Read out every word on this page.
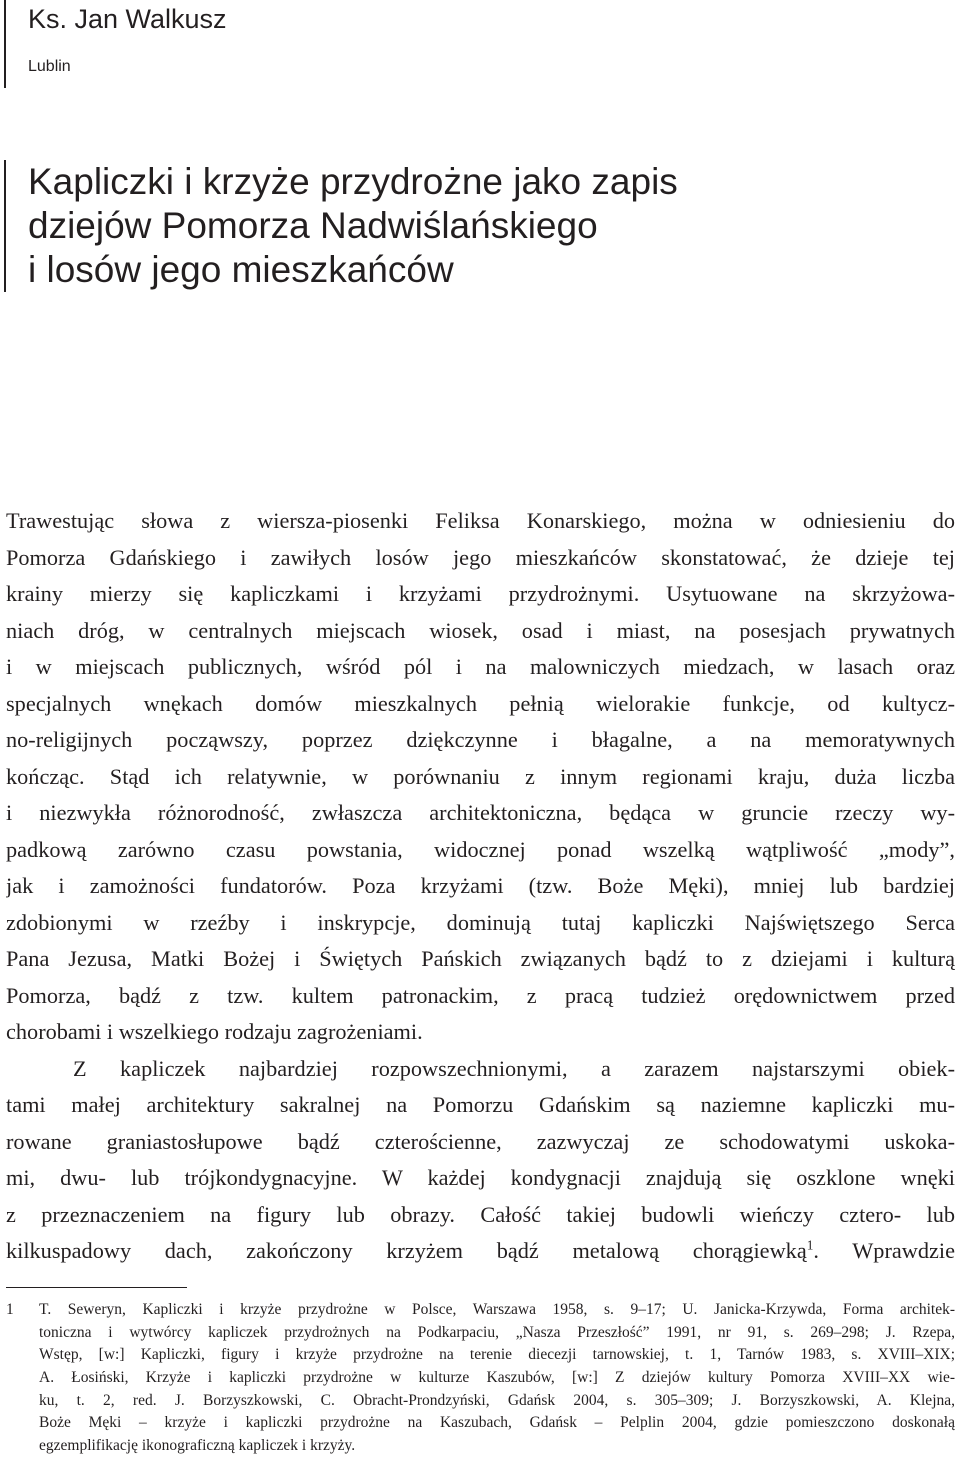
Ks. Jan Walkusz

Lublin

Kapliczki i krzyże przydrożne jako zapis
dziejów Pomorza Nadwiślańskiego
i losów jego mieszkańców
Trawestując słowa z wiersza-piosenki Feliksa Konarskiego, można w odniesieniu do
Pomorza Gdańskiego i zawiłych losów jego mieszkańców skonstatować, że dzieje tej
krainy mierzy się kapliczkami i krzyżami przydrożnymi. Usytuowane na skrzyżowa-
niach dróg, w centralnych miejscach wiosek, osad i miast, na posesjach prywatnych
i w miejscach publicznych, wśród pól i na malowniczych miedzach, w lasach oraz
specjalnych wnękach domów mieszkalnych pełnią wielorakie funkcje, od kultycz-
no-religijnych począwszy, poprzez dziękczynne i błagalne, a na memoratywnych
kończąc. Stąd ich relatywnie, w porównaniu z innym regionami kraju, duża liczba
i niezwykła różnorodność, zwłaszcza architektoniczna, będąca w gruncie rzeczy wy-
padkową zarówno czasu powstania, widocznej ponad wszelką wątpliwość „mody”,
jak i zamożności fundatorów. Poza krzyżami (tzw. Boże Męki), mniej lub bardziej
zdobionymi w rzeźby i inskrypcje, dominują tutaj kapliczki Najświętszego Serca
Pana Jezusa, Matki Bożej i Świętych Pańskich związanych bądź to z dziejami i kulturą
Pomorza, bądź z tzw. kultem patronackim, z pracą tudzież orędownictwem przed
chorobami i wszelkiego rodzaju zagrożeniami.
Z kapliczek najbardziej rozpowszechnionymi, a zarazem najstarszymi obiek-
tami małej architektury sakralnej na Pomorzu Gdańskim są naziemne kapliczki mu-
rowane graniastosłupowe bądź czterościenne, zazwyczaj ze schodowatymi uskoka-
mi, dwu- lub trójkondygnacyjne. W każdej kondygnacji znajdują się oszklone wnęki
z przeznaczeniem na figury lub obrazy. Całość takiej budowli wieńczy cztero- lub
kilkuspadowy dach, zakończony krzyżem bądź metalową chorągiewką$^1$. Wprawdzie

1 T. Seweryn, Kapliczki i krzyże przydrożne w Polsce, Warszawa 1958, s. 9–17; U. Janicka-Krzywda, Forma architek-
toniczna i wytwórcy kapliczek przydrożnych na Podkarpaciu, „Nasza Przeszłość” 1991, nr 91, s. 269–298; J. Rzepa,
Wstęp, [w:] Kapliczki, figury i krzyże przydrożne na terenie diecezji tarnowskiej, t. 1, Tarnów 1983, s. XVIII–XIX;
A. Łosiński, Krzyże i kapliczki przydrożne w kulturze Kaszubów, [w:] Z dziejów kultury Pomorza XVIII–XX wie-
ku, t. 2, red. J. Borzyszkowski, C. Obracht-Prondzyński, Gdańsk 2004, s. 305–309; J. Borzyszkowski, A. Klejna,
Boże Męki – krzyże i kapliczki przydrożne na Kaszubach, Gdańsk – Pelplin 2004, gdzie pomieszczono doskonałą
egzemplifikację ikonograficzną kapliczek i krzyży.
